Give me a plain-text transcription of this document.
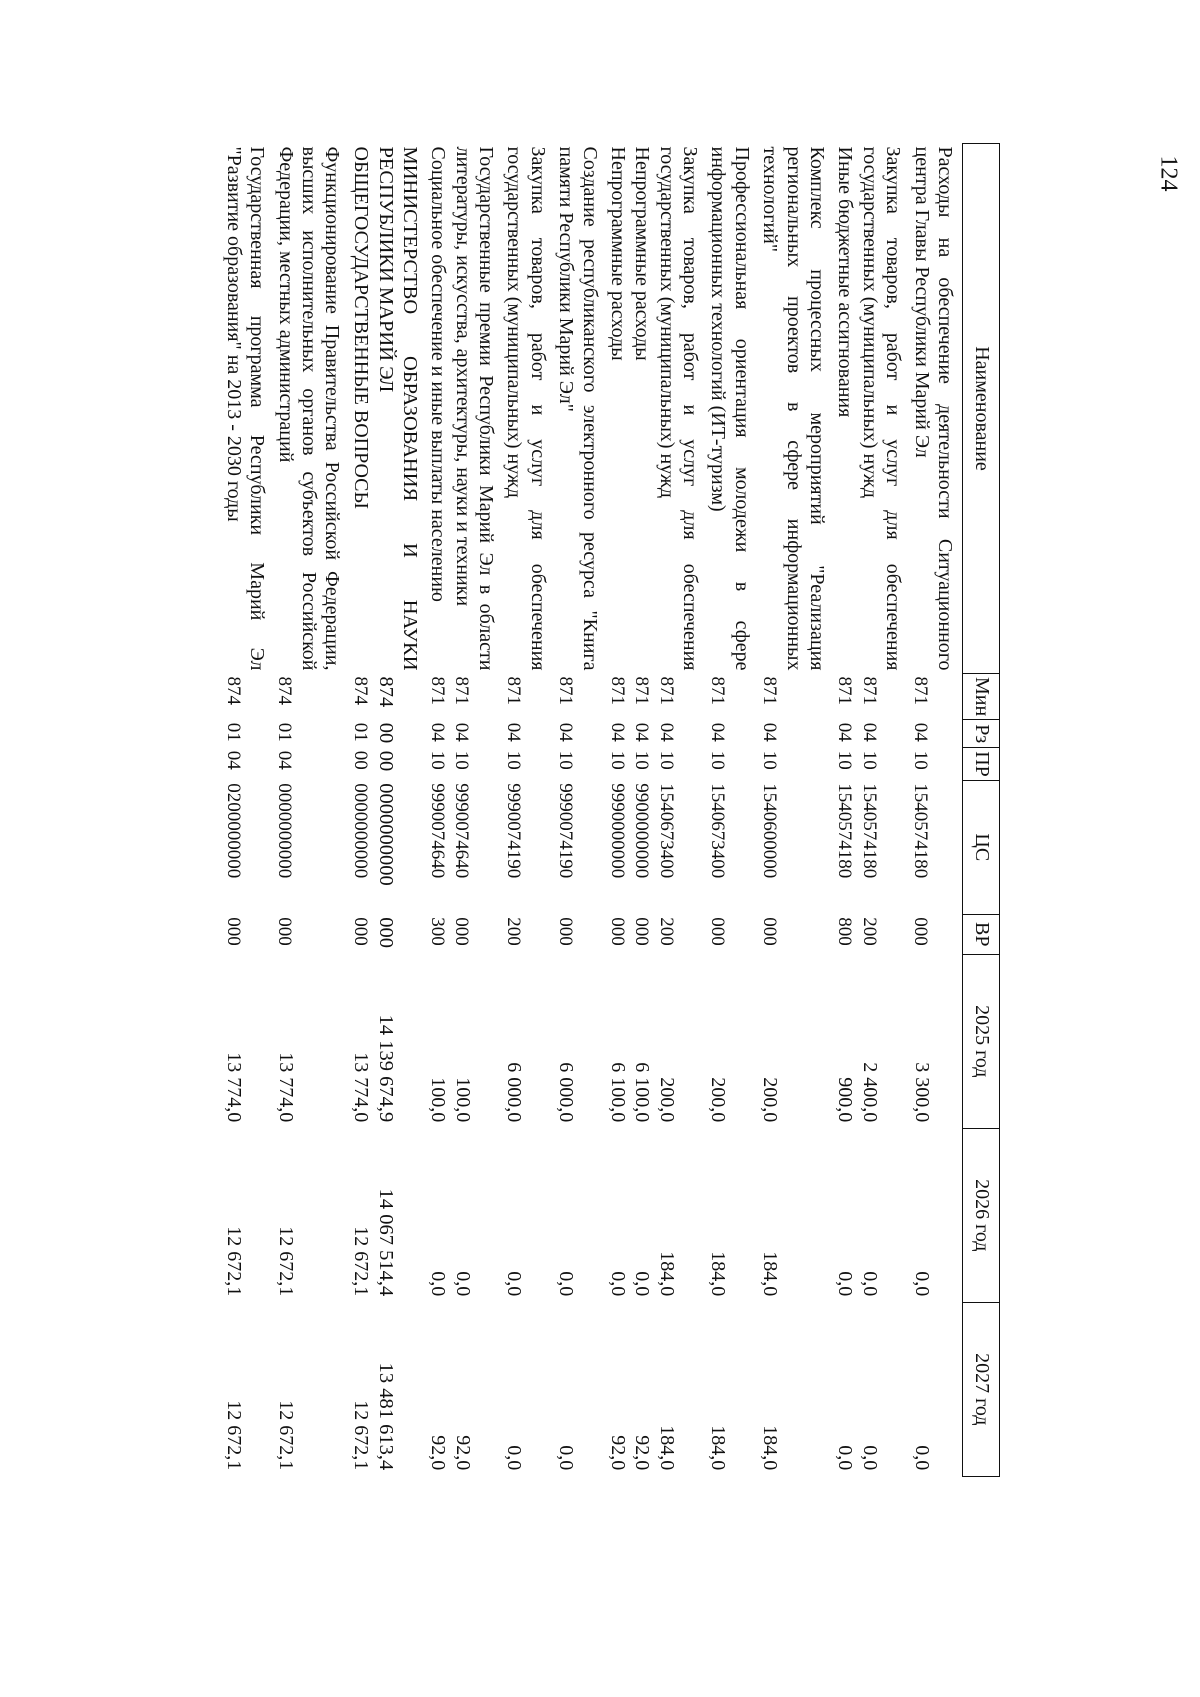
124
Наименование	Мин	Рз	ПР	ЦС	ВР	2025 год	2026 год	2027 год
Расходы на обеспечение деятельности Ситуационного центра Главы Республики Марий Эл	871	04	10	1540574180	000	3 300,0	0,0	0,0
Закупка товаров, работ и услуг для обеспечения государственных (муниципальных) нужд	871	04	10	1540574180	200	2 400,0	0,0	0,0
Иные бюджетные ассигнования	871	04	10	1540574180	800	900,0	0,0	0,0
Комплекс процессных мероприятий "Реализация региональных проектов в сфере информационных технологий"	871	04	10	1540600000	000	200,0	184,0	184,0
Профессиональная ориентация молодежи в сфере информационных технологий (ИТ-туризм)	871	04	10	1540673400	000	200,0	184,0	184,0
Закупка товаров, работ и услуг для обеспечения государственных (муниципальных) нужд	871	04	10	1540673400	200	200,0	184,0	184,0
Непрограммные расходы	871	04	10	9900000000	000	6 100,0	0,0	92,0
Непрограммные расходы	871	04	10	9990000000	000	6 100,0	0,0	92,0
Создание республиканского электронного ресурса "Книга памяти Республики Марий Эл"	871	04	10	9990074190	000	6 000,0	0,0	0,0
Закупка товаров, работ и услуг для обеспечения государственных (муниципальных) нужд	871	04	10	9990074190	200	6 000,0	0,0	0,0
Государственные премии Республики Марий Эл в области литературы, искусства, архитектуры, науки и техники	871	04	10	9990074640	000	100,0	0,0	92,0
Социальное обеспечение и иные выплаты населению	871	04	10	9990074640	300	100,0	0,0	92,0
МИНИСТЕРСТВО ОБРАЗОВАНИЯ И НАУКИ РЕСПУБЛИКИ МАРИЙ ЭЛ	874	00	00	0000000000	000	14 139 674,9	14 067 514,4	13 481 613,4
ОБЩЕГОСУДАРСТВЕННЫЕ ВОПРОСЫ	874	01	00	0000000000	000	13 774,0	12 672,1	12 672,1
Функционирование Правительства Российской Федерации, высших исполнительных органов субъектов Российской Федерации, местных администраций	874	01	04	0000000000	000	13 774,0	12 672,1	12 672,1
Государственная программа Республики Марий Эл "Развитие образования" на 2013 - 2030 годы	874	01	04	0200000000	000	13 774,0	12 672,1	12 672,1
